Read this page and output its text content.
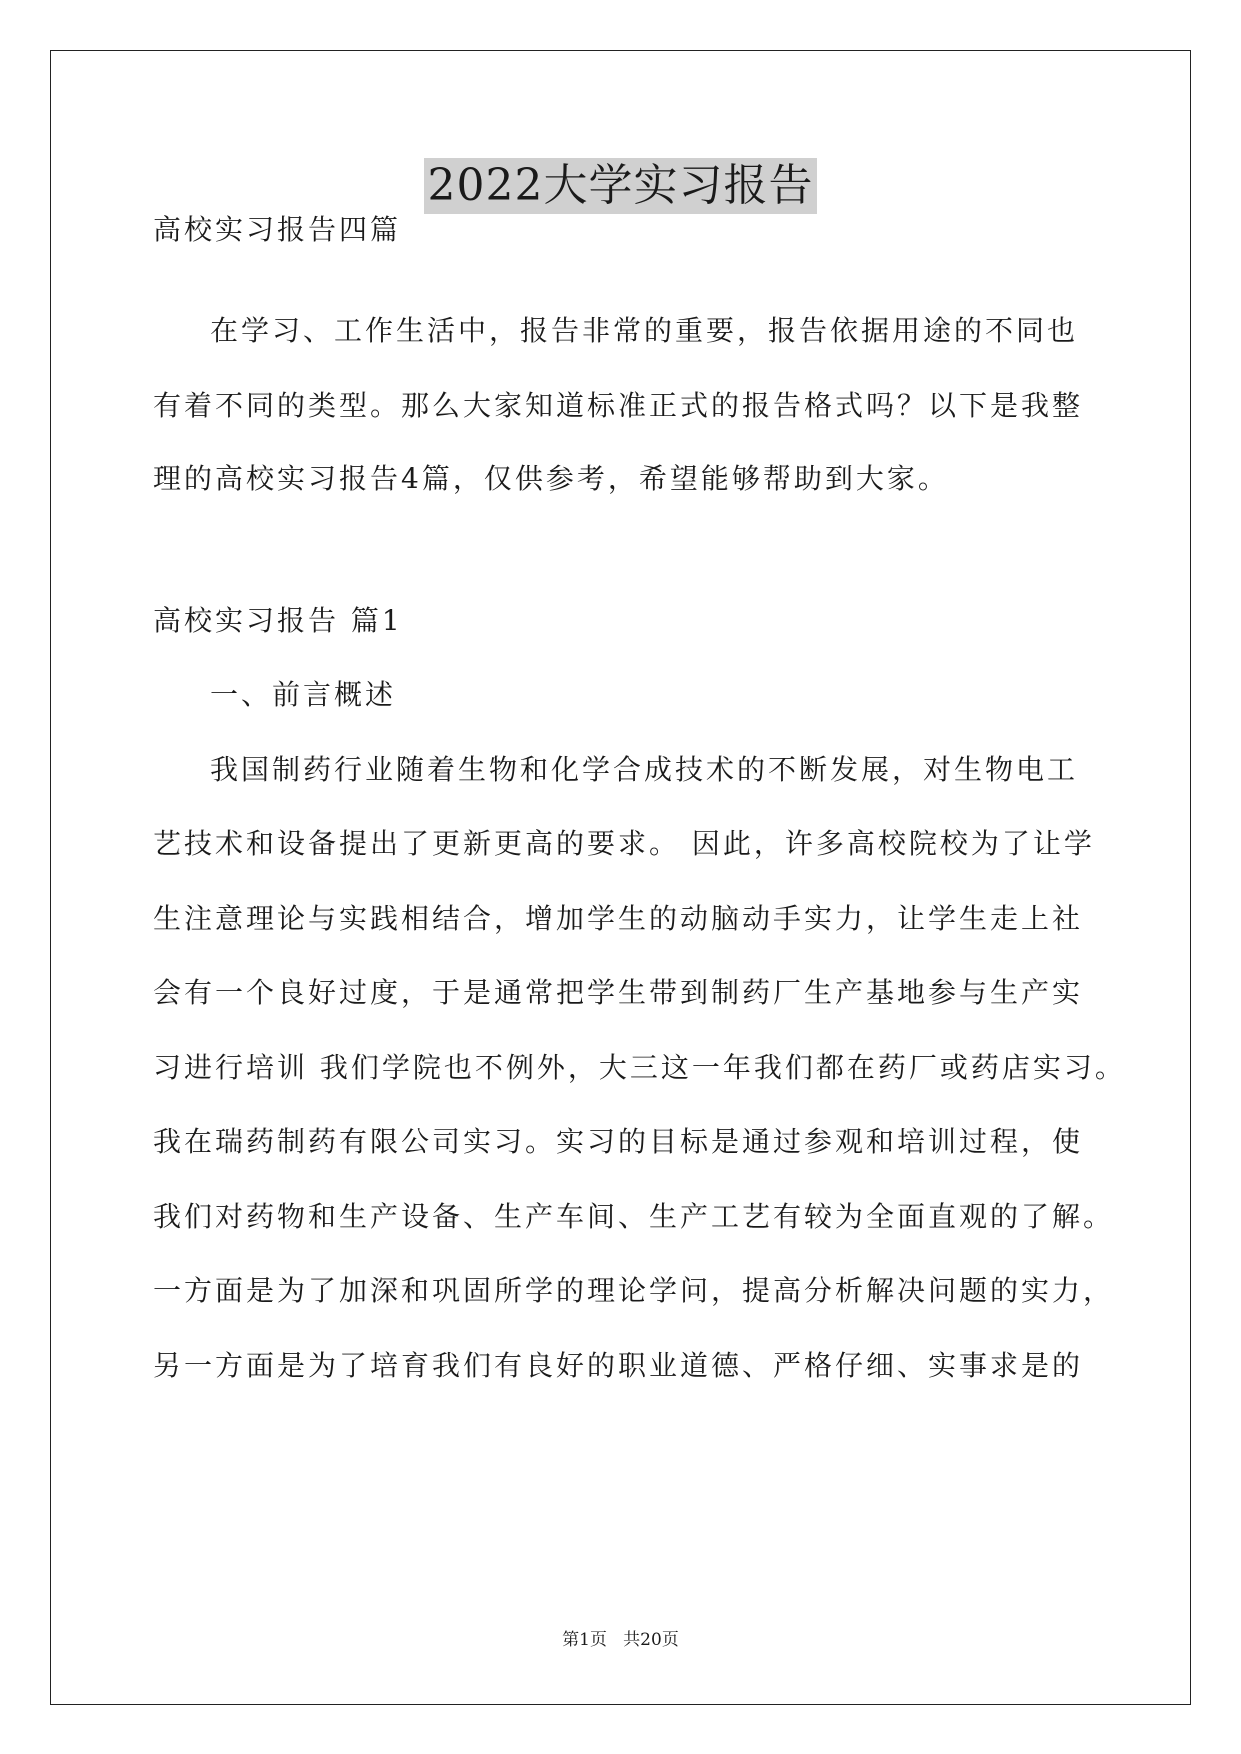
2022大学实习报告
高校实习报告四篇
在学习、工作生活中，报告非常的重要，报告依据用途的不同也
有着不同的类型。那么大家知道标准正式的报告格式吗？以下是我整
理的高校实习报告4篇，仅供参考，希望能够帮助到大家。
高校实习报告 篇1
一、前言概述
我国制药行业随着生物和化学合成技术的不断发展，对生物电工
艺技术和设备提出了更新更高的要求。 因此，许多高校院校为了让学
生注意理论与实践相结合，增加学生的动脑动手实力，让学生走上社
会有一个良好过度，于是通常把学生带到制药厂生产基地参与生产实
习进行培训 我们学院也不例外，大三这一年我们都在药厂或药店实习。
我在瑞药制药有限公司实习。实习的目标是通过参观和培训过程，使
我们对药物和生产设备、生产车间、生产工艺有较为全面直观的了解。
一方面是为了加深和巩固所学的理论学问，提高分析解决问题的实力，
另一方面是为了培育我们有良好的职业道德、严格仔细、实事求是的
第1页   共20页
